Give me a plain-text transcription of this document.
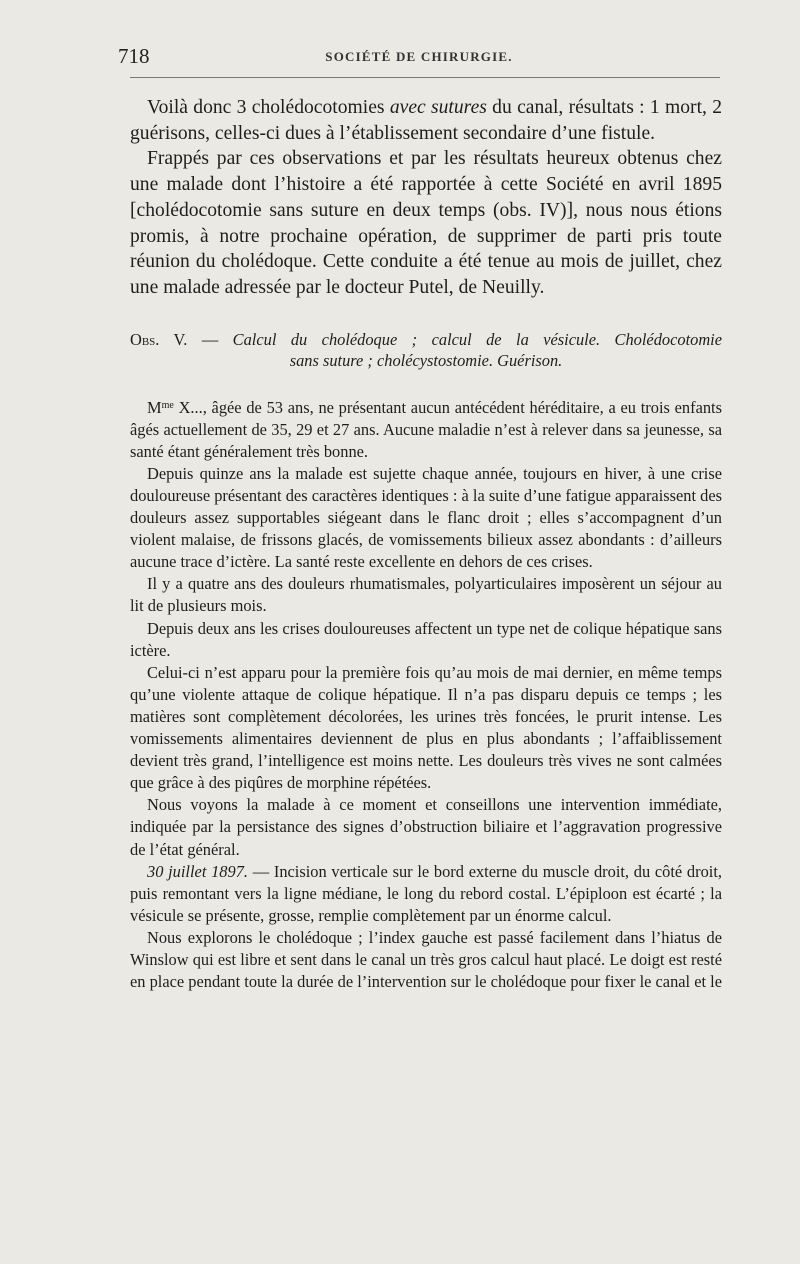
718	SOCIÉTÉ DE CHIRURGIE.

Voilà donc 3 cholédocotomies avec sutures du canal, résultats : 1 mort, 2 guérisons, celles-ci dues à l’établissement secondaire d’une fistule.

Frappés par ces observations et par les résultats heureux obtenus chez une malade dont l’histoire a été rapportée à cette Société en avril 1895 [cholédocotomie sans suture en deux temps (obs. IV)], nous nous étions promis, à notre prochaine opération, de supprimer de parti pris toute réunion du cholédoque. Cette conduite a été tenue au mois de juillet, chez une malade adressée par le docteur Putel, de Neuilly.

Obs. V. — Calcul du cholédoque ; calcul de la vésicule. Cholédocotomie
sans suture ; cholécystostomie. Guérison.

$M^{me}$ X..., âgée de 53 ans, ne présentant aucun antécédent héréditaire, a eu trois enfants âgés actuellement de 35, 29 et 27 ans. Aucune maladie n’est à relever dans sa jeunesse, sa santé étant généralement très bonne.

Depuis quinze ans la malade est sujette chaque année, toujours en hiver, à une crise douloureuse présentant des caractères identiques : à la suite d’une fatigue apparaissent des douleurs assez supportables siégeant dans le flanc droit ; elles s’accompagnent d’un violent malaise, de frissons glacés, de vomissements bilieux assez abondants : d’ailleurs aucune trace d’ictère. La santé reste excellente en dehors de ces crises.

Il y a quatre ans des douleurs rhumatismales, polyarticulaires imposèrent un séjour au lit de plusieurs mois.

Depuis deux ans les crises douloureuses affectent un type net de colique hépatique sans ictère.

Celui-ci n’est apparu pour la première fois qu’au mois de mai dernier, en même temps qu’une violente attaque de colique hépatique. Il n’a pas disparu depuis ce temps ; les matières sont complètement décolorées, les urines très foncées, le prurit intense. Les vomissements alimentaires deviennent de plus en plus abondants ; l’affaiblissement devient très grand, l’intelligence est moins nette. Les douleurs très vives ne sont calmées que grâce à des piqûres de morphine répétées.

Nous voyons la malade à ce moment et conseillons une intervention immédiate, indiquée par la persistance des signes d’obstruction biliaire et l’aggravation progressive de l’état général.

30 juillet 1897. — Incision verticale sur le bord externe du muscle droit, du côté droit, puis remontant vers la ligne médiane, le long du rebord costal. L’épiploon est écarté ; la vésicule se présente, grosse, remplie complètement par un énorme calcul.

Nous explorons le cholédoque ; l’index gauche est passé facilement dans l’hiatus de Winslow qui est libre et sent dans le canal un très gros calcul haut placé. Le doigt est resté en place pendant toute la durée de l’intervention sur le cholédoque pour fixer le canal et le
